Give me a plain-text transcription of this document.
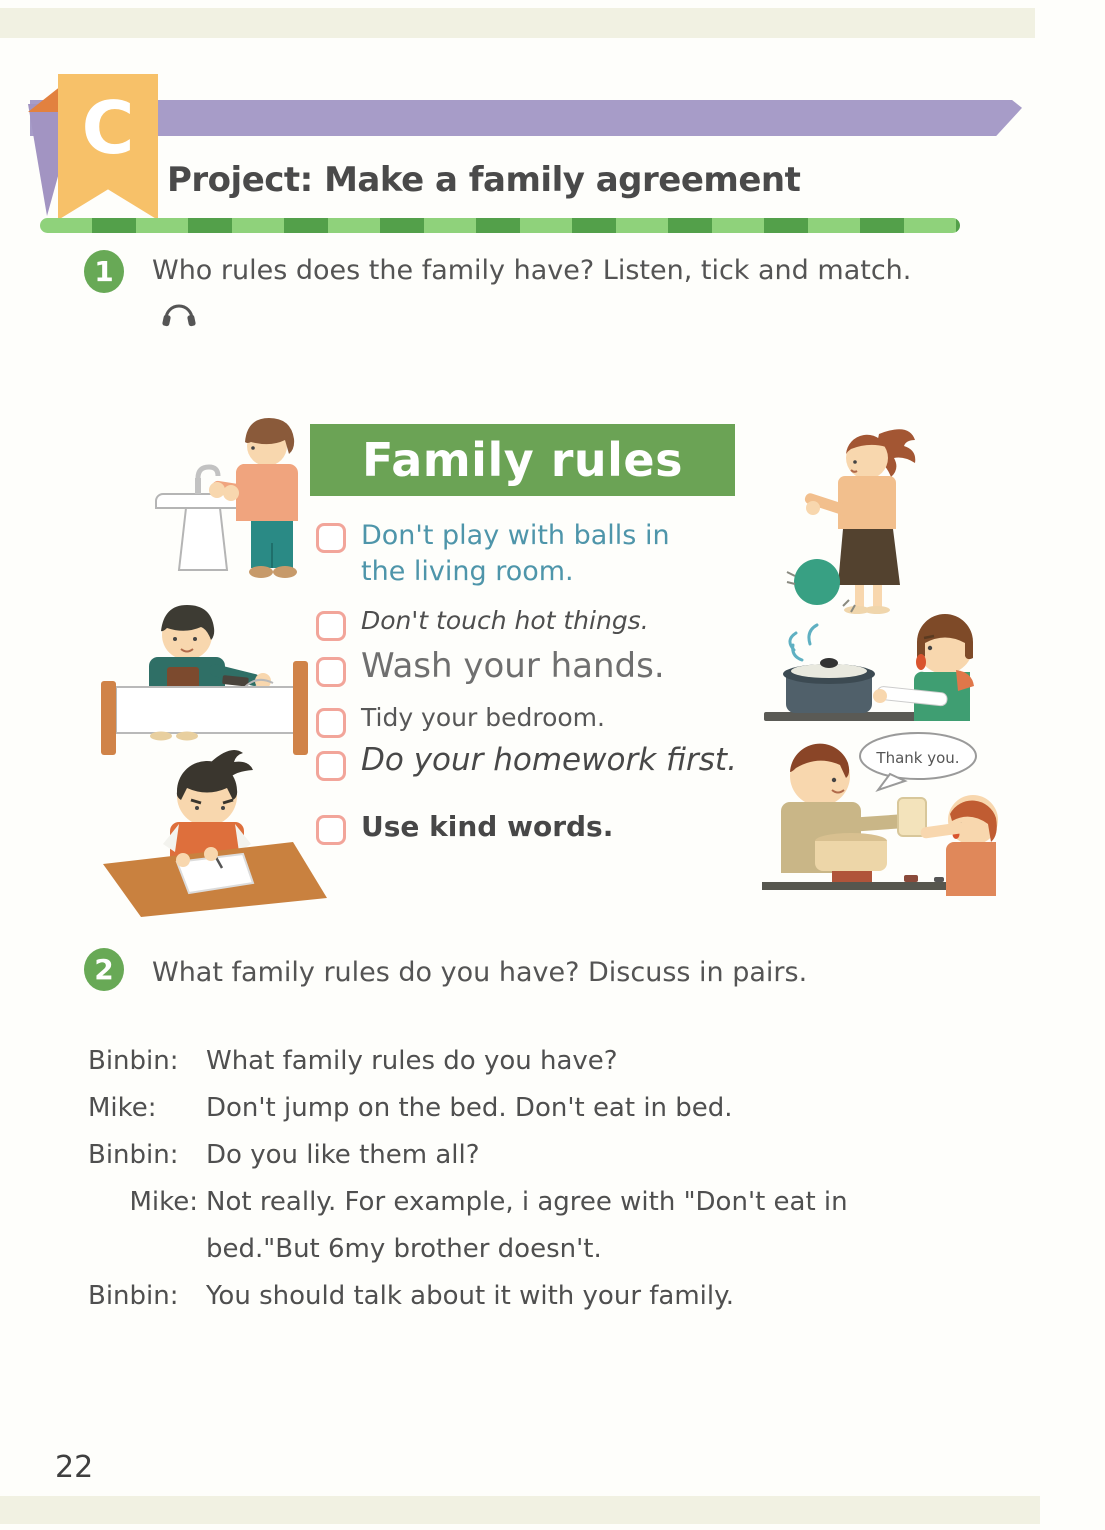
C
Project: Make a family agreement
1 Who rules does the family have? Listen, tick and match.
Family rules
Don't play with balls in the living room.
Don't touch hot things.
Wash your hands.
Tidy your bedroom.
Do your homework first.
Use kind words.
Thank you.
2 What family rules do you have? Discuss in pairs.
Binbin:	What family rules do you have?
Mike:	Don't jump on the bed. Don't eat in bed.
Binbin:	Do you like them all?
Mike: Not really. For example, i agree with "Don't eat in bed."But 6my brother doesn't.
Binbin:	You should talk about it with your family.
22
